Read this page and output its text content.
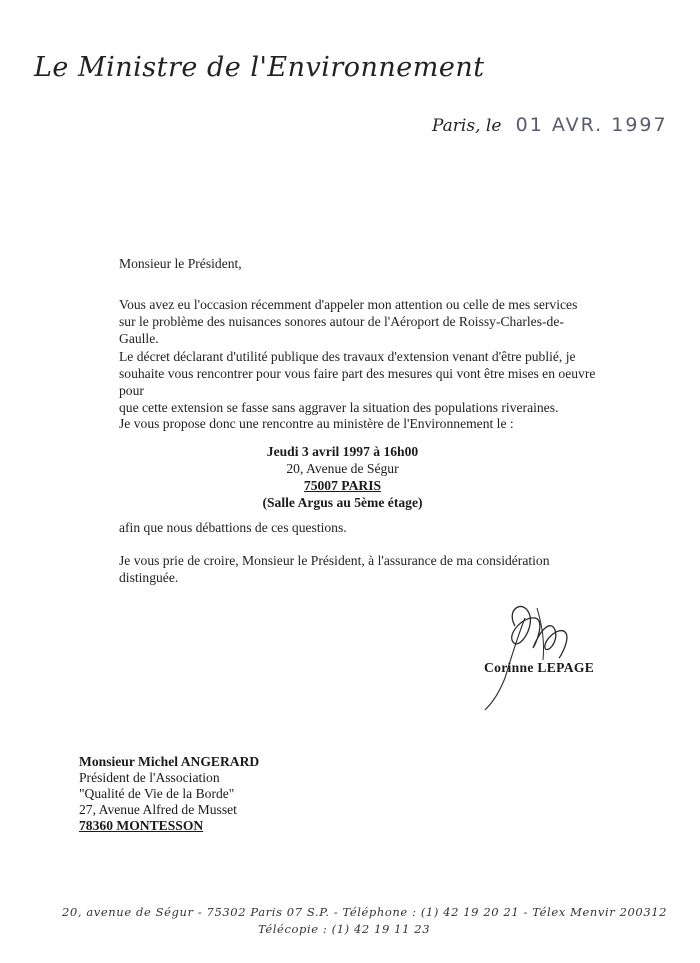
Le Ministre de l'Environnement
Paris, le 01 AVR. 1997
Monsieur le Président,
Vous avez eu l'occasion récemment d'appeler mon attention ou celle de mes services
sur le problème des nuisances sonores autour de l'Aéroport de Roissy-Charles-de-Gaulle.
Le décret déclarant d'utilité publique des travaux d'extension venant d'être publié, je
souhaite vous rencontrer pour vous faire part des mesures qui vont être mises en oeuvre pour
que cette extension se fasse sans aggraver la situation des populations riveraines.
Je vous propose donc une rencontre au ministère de l'Environnement le :
Jeudi 3 avril 1997 à 16h00
20, Avenue de Ségur
75007 PARIS
(Salle Argus au 5ème étage)
afin que nous débattions de ces questions.
Je vous prie de croire, Monsieur le Président, à l'assurance de ma considération
distinguée.
Corinne LEPAGE
Monsieur Michel ANGERARD
Président de l'Association
"Qualité de Vie de la Borde"
27, Avenue Alfred de Musset
78360 MONTESSON
20, avenue de Ségur - 75302 Paris 07 S.P. - Téléphone : (1) 42 19 20 21 - Télex Menvir 200312
Télécopie : (1) 42 19 11 23
